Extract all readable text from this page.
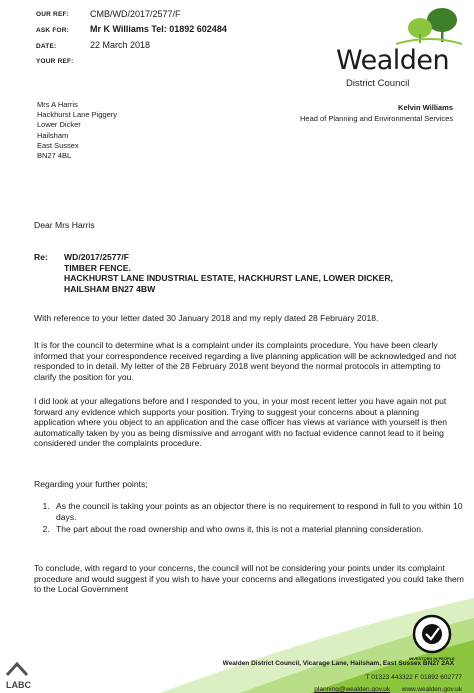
OUR REF: CMB/WD/2017/2577/F
ASK FOR: Mr K Williams Tel: 01892 602484
DATE:	22 March 2018
YOUR REF:	Wealden
District Council
Mrs A Harris
Hackhurst Lane Piggery
Lower Dicker
Hailsham
East Sussex
BN27 4BL
Kelvin Williams
Head of Planning and Environmental Services
Dear Mrs Harris
Re: WD/2017/2577/F
TIMBER FENCE.
HACKHURST LANE INDUSTRIAL ESTATE, HACKHURST LANE, LOWER DICKER,
HAILSHAM BN27 4BW
With reference to your letter dated 30 January 2018 and my reply dated 28 February 2018.
It is for the council to determine what is a complaint under its complaints procedure. You have been clearly informed that your correspondence received regarding a live planning application will be acknowledged and not responded to in detail. My letter of the 28 February 2018 went beyond the normal protocols in attempting to clarify the position for you.
I did look at your allegations before and I responded to you, in your most recent letter you have again not put forward any evidence which supports your position. Trying to suggest your concerns about a planning application where you object to an application and the case officer has views at variance with yourself is then automatically taken by you as being dismissive and arrogant with no factual evidence cannot lead to it being considered under the complaints procedure.
Regarding your further points;
1. As the council is taking your points as an objector there is no requirement to respond in full to you within 10 days.
2. The part about the road ownership and who owns it, this is not a material planning consideration.
To conclude, with regard to your concerns, the council will not be considering your points under its complaint procedure and would suggest if you wish to have your concerns and allegations investigated you could take them to the Local Government
INVESTORS IN PEOPLE
LABC
Wealden District Council, Vicarage Lane, Hailsham, East Sussex BN27 2AX
T 01323 443322 F 01892 602777
planning@wealden.gov.uk www.wealden.gov.uk
